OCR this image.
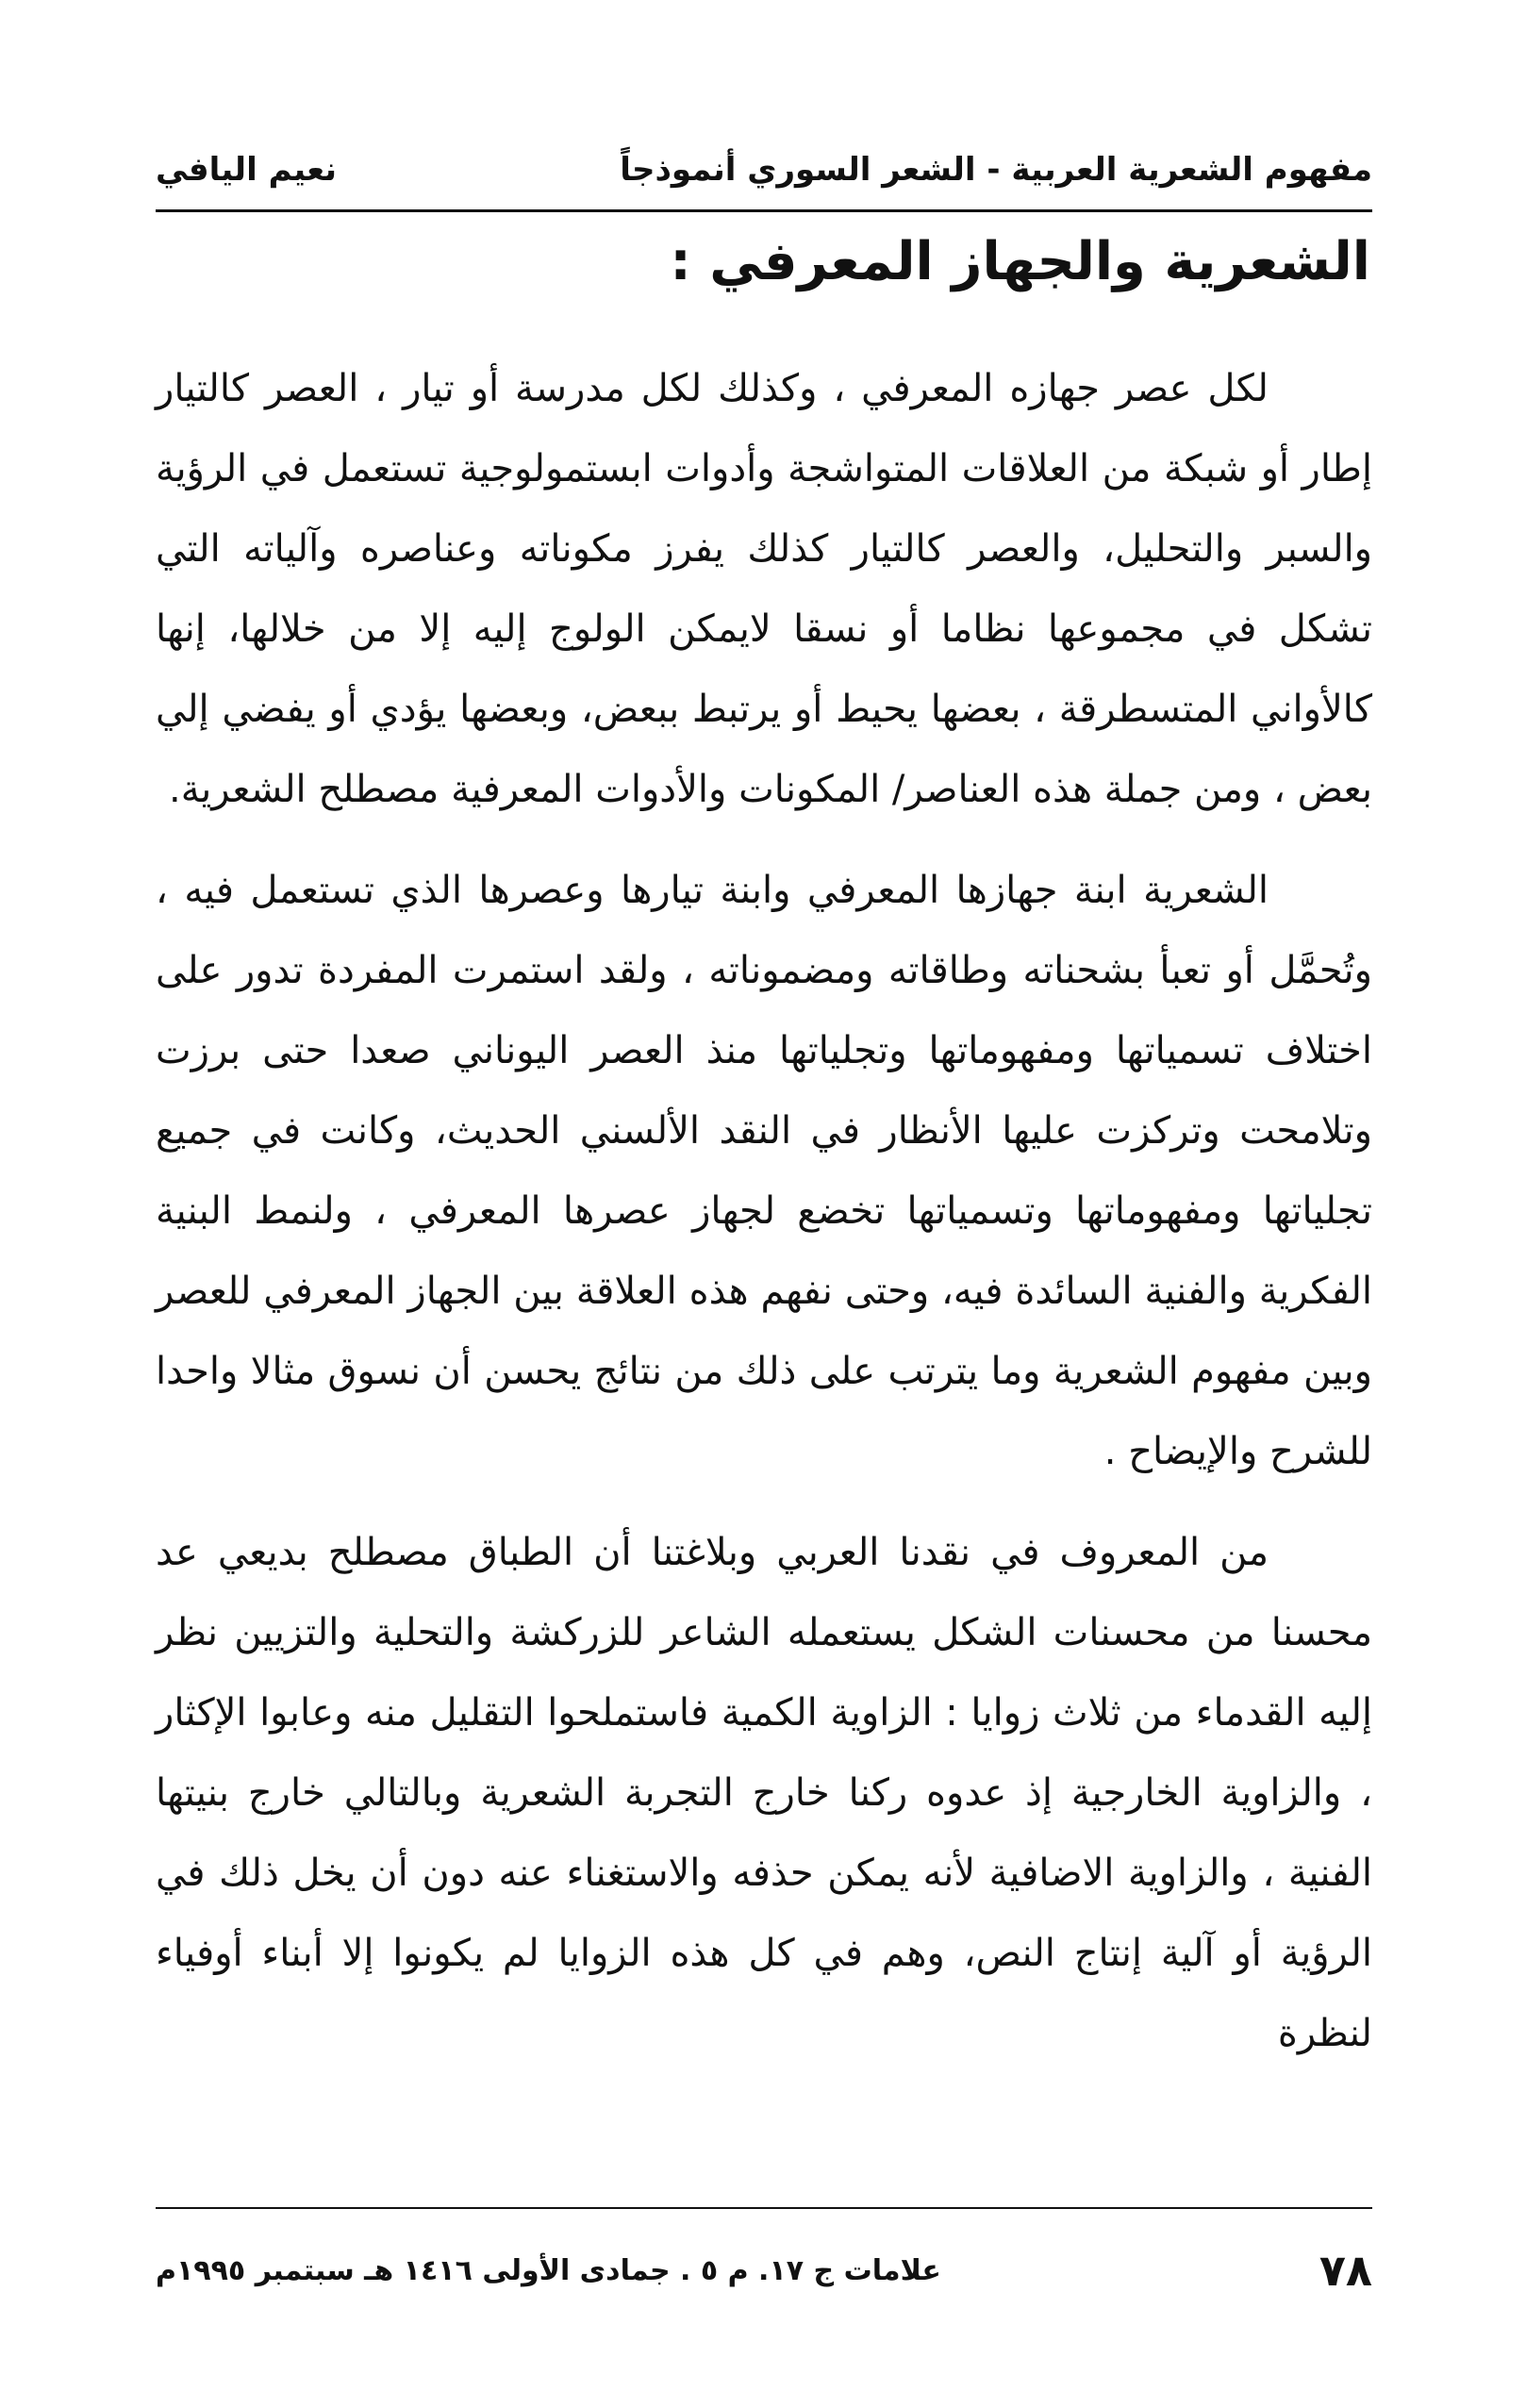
مفهوم الشعرية العربية - الشعر السوري أنموذجاً
نعيم اليافي
الشعرية والجهاز المعرفي :

لكل عصر جهازه المعرفي ، وكذلك لكل مدرسة أو تيار ، العصر كالتيار إطار أو شبكة من العلاقات المتواشجة وأدوات ابستمولوجية تستعمل في الرؤية والسبر والتحليل، والعصر كالتيار كذلك يفرز مكوناته وعناصره وآلياته التي تشكل في مجموعها نظاما أو نسقا لايمكن الولوج إليه إلا من خلالها، إنها كالأواني المتسطرقة ، بعضها يحيط أو يرتبط ببعض، وبعضها يؤدي أو يفضي إلي بعض ، ومن جملة هذه العناصر/ المكونات والأدوات المعرفية مصطلح الشعرية.

الشعرية ابنة جهازها المعرفي وابنة تيارها وعصرها الذي تستعمل فيه ، وتُحمَّل أو تعبأ بشحناته وطاقاته ومضموناته ، ولقد استمرت المفردة تدور على اختلاف تسمياتها ومفهوماتها وتجلياتها منذ العصر اليوناني صعدا حتى برزت وتلامحت وتركزت عليها الأنظار في النقد الألسني الحديث، وكانت في جميع تجلياتها ومفهوماتها وتسمياتها تخضع لجهاز عصرها المعرفي ، ولنمط البنية الفكرية والفنية السائدة فيه، وحتى نفهم هذه العلاقة بين الجهاز المعرفي للعصر وبين مفهوم الشعرية وما يترتب على ذلك من نتائج يحسن أن نسوق مثالا واحدا للشرح والإيضاح .

من المعروف في نقدنا العربي وبلاغتنا أن الطباق مصطلح بديعي عد محسنا من محسنات الشكل يستعمله الشاعر للزركشة والتحلية والتزيين نظر إليه القدماء من ثلاث زوايا : الزاوية الكمية فاستملحوا التقليل منه وعابوا الإكثار ، والزاوية الخارجية إذ عدوه ركنا خارج التجربة الشعرية وبالتالي خارج بنيتها الفنية ، والزاوية الاضافية لأنه يمكن حذفه والاستغناء عنه دون أن يخل ذلك في الرؤية أو آلية إنتاج النص، وهم في كل هذه الزوايا لم يكونوا إلا أبناء أوفياء لنظرة

٧٨
علامات ج ١٧. م ٥ . جمادى الأولى ١٤١٦ هـ سبتمبر ١٩٩٥م
